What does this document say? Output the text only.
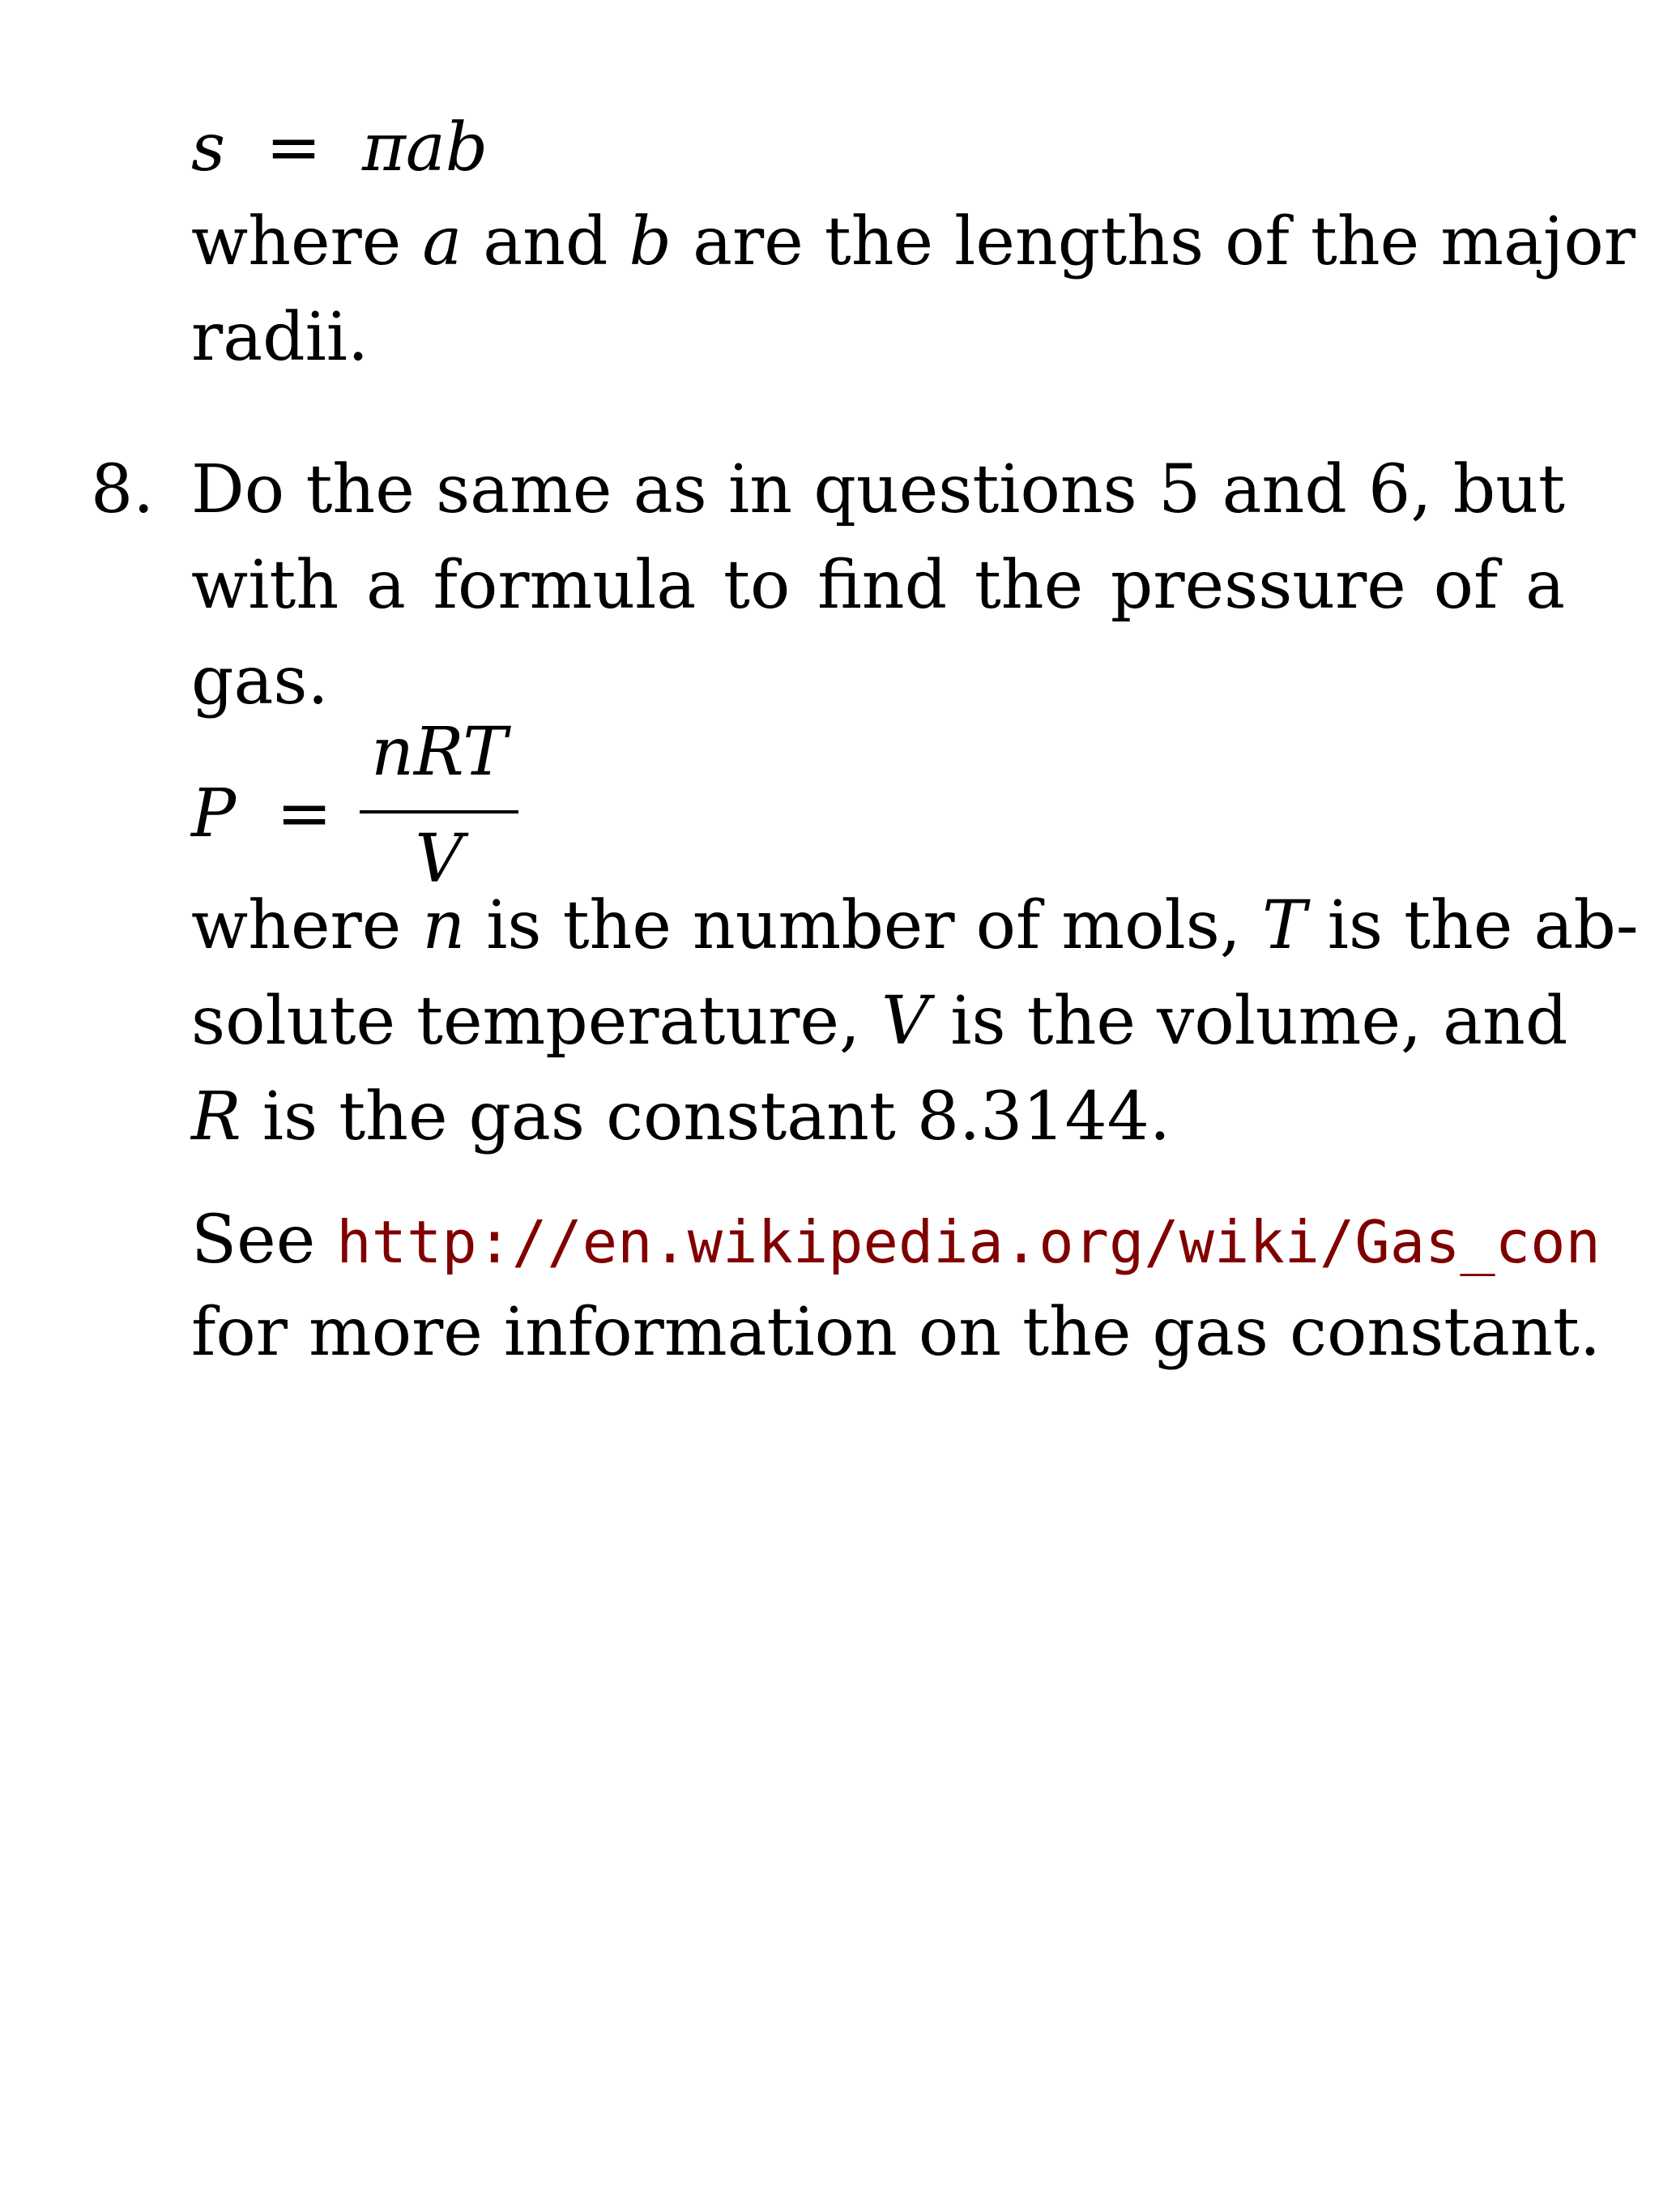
s = πab
where a and b are the lengths of the major
radii.
8. Do the same as in questions 5 and 6, but
with a formula to find the pressure of a
gas.
P =
nRT
V
where n is the number of mols, T is the ab-
solute temperature, V is the volume, and
R is the gas constant 8.3144.
See http://en.wikipedia.org/wiki/Gas_con
for more information on the gas constant.
